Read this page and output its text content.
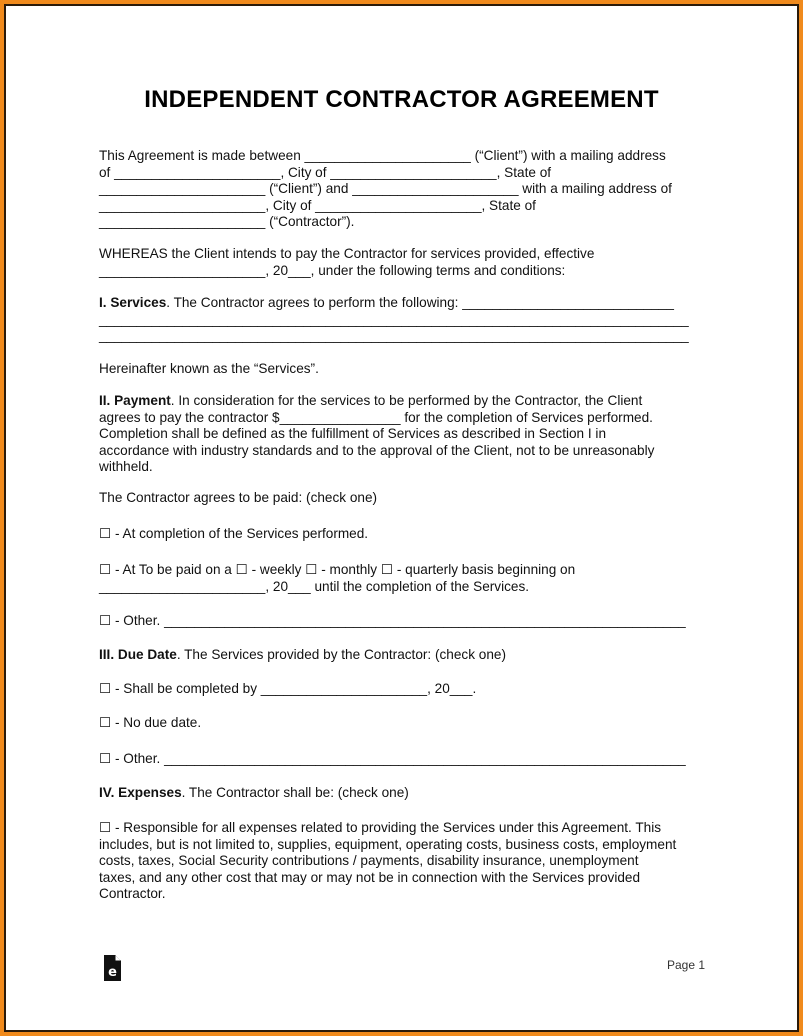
INDEPENDENT CONTRACTOR AGREEMENT
This Agreement is made between ______________________ (“Client”) with a mailing address
of ______________________, City of ______________________, State of
______________________ (“Client”) and ______________________ with a mailing address of
______________________, City of ______________________, State of
______________________ (“Contractor”).
WHEREAS the Client intends to pay the Contractor for services provided, effective
______________________, 20___, under the following terms and conditions:
I. Services. The Contractor agrees to perform the following: ____________________________
______________________________________________________________________________
______________________________________________________________________________
Hereinafter known as the “Services”.
II. Payment. In consideration for the services to be performed by the Contractor, the Client
agrees to pay the contractor $________________ for the completion of Services performed.
Completion shall be defined as the fulfillment of Services as described in Section I in
accordance with industry standards and to the approval of the Client, not to be unreasonably
withheld.
The Contractor agrees to be paid: (check one)
☐ - At completion of the Services performed.
☐ - At To be paid on a ☐ - weekly ☐ - monthly ☐ - quarterly basis beginning on
______________________, 20___ until the completion of the Services.
☐ - Other. _____________________________________________________________________
III. Due Date. The Services provided by the Contractor: (check one)
☐ - Shall be completed by ______________________, 20___.
☐ - No due date.
☐ - Other. _____________________________________________________________________
IV. Expenses. The Contractor shall be: (check one)
☐ - Responsible for all expenses related to providing the Services under this Agreement. This
includes, but is not limited to, supplies, equipment, operating costs, business costs, employment
costs, taxes, Social Security contributions / payments, disability insurance, unemployment
taxes, and any other cost that may or may not be in connection with the Services provided
Contractor.
e	Page 1
